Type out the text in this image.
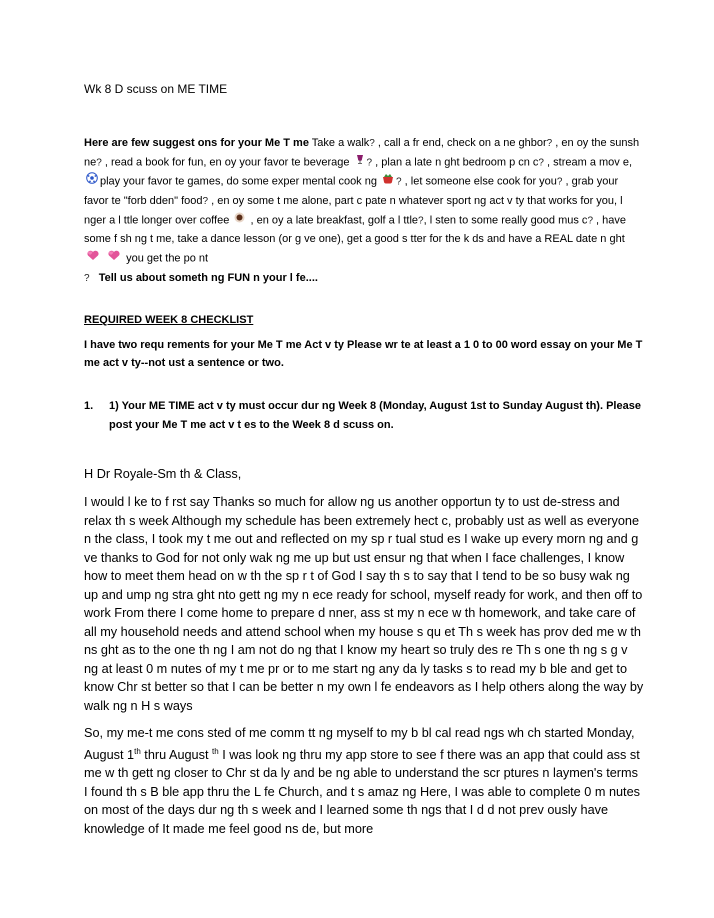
Wk 8 D scuss on ME TIME
Here are few suggest ons for your Me T me Take a walk? , call a fr end, check on a ne ghbor? , en oy the sunsh ne? , read a book for fun, en oy your favor te beverage ? , plan a late n ght bedroom p cn c? , stream a mov e, play your favor te games, do some exper mental cook ng ? , let someone else cook for you? , grab your favor te "forb dden" food? , en oy some t me alone, part c pate n whatever sport ng act v ty that works for you, l nger a l ttle longer over coffee  , en oy a late breakfast, golf a l ttle?, l sten to some really good mus c? , have some f sh ng t me, take a dance lesson (or g ve one), get a good s tter for the k ds and have a REAL date n ght   you get the po nt
? Tell us about someth ng FUN n your l fe....
REQUIRED WEEK 8 CHECKLIST
I have two requ rements for your Me T me Act v ty Please wr te at least a 1 0 to 00 word essay on your Me T me act v ty--not ust a sentence or two.
1. 1) Your ME TIME act v ty must occur dur ng Week 8 (Monday, August 1st to Sunday August th). Please post your Me T me act v t es to the Week 8 d scuss on.
H Dr Royale-Sm th & Class,
I would l ke to f rst say Thanks so much for allow ng us another opportun ty to ust de-stress and relax th s week Although my schedule has been extremely hect c, probably ust as well as everyone n the class, I took my t me out and reflected on my sp r tual stud es I wake up every morn ng and g ve thanks to God for not only wak ng me up but ust ensur ng that when I face challenges, I know how to meet them head on w th the sp r t of God I say th s to say that I tend to be so busy wak ng up and ump ng stra ght nto gett ng my n ece ready for school, myself ready for work, and then off to work From there I come home to prepare d nner, ass st my n ece w th homework, and take care of all my household needs and attend school when my house s qu et Th s week has prov ded me w th ns ght as to the one th ng I am not do ng that I know my heart so truly des re Th s one th ng s g v ng at least 0 m nutes of my t me pr or to me start ng any da ly tasks s to read my b ble and get to know Chr st better so that I can be better n my own l fe endeavors as I help others along the way by walk ng n H s ways
So, my me-t me cons sted of me comm tt ng myself to my b bl cal read ngs wh ch started Monday, August 1th thru August $^{th}$ I was look ng thru my app store to see f there was an app that could ass st me w th gett ng closer to Chr st da ly and be ng able to understand the scr ptures n laymen's terms I found th s B ble app thru the L fe Church, and t s amaz ng Here, I was able to complete 0 m nutes on most of the days dur ng th s week and I learned some th ngs that I d d not prev ously have knowledge of It made me feel good ns de, but more
